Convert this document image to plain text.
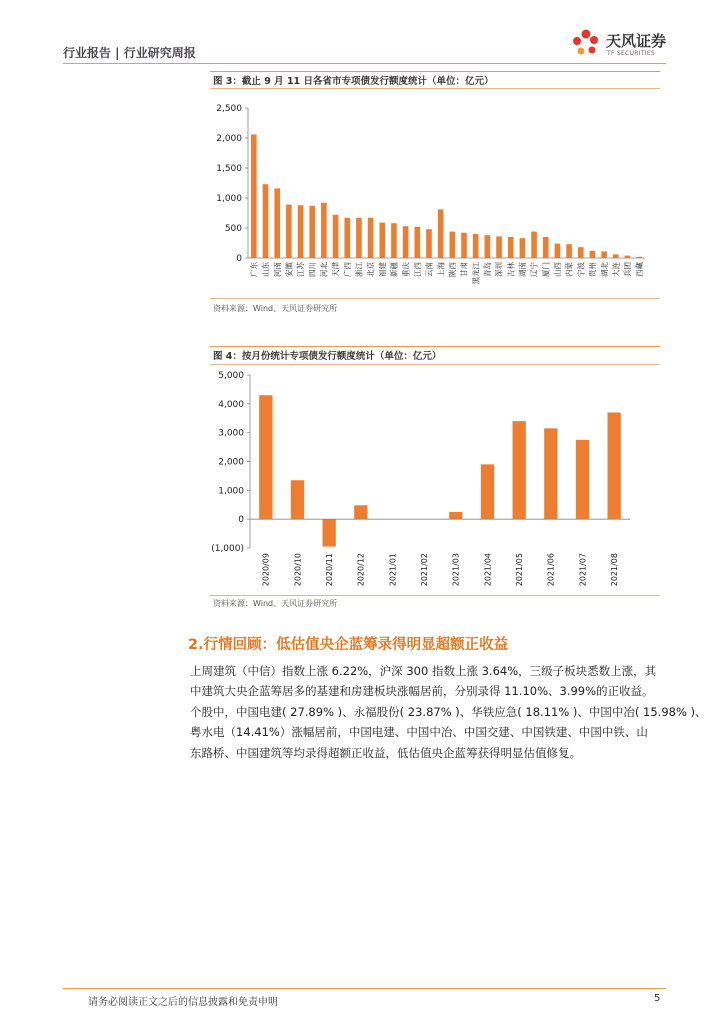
行业报告 | 行业研究周报
天风证券
TF SECURITIES
图 3：截止 9 月 11 日各省市专项债发行额度统计（单位：亿元）
0
500
1,000
1,500
2,000
2,500
广东 山东 河南 安徽 江苏 四川 河北 天津 广西 浙江 北京 福建 新疆 重庆 江西 云南 上海 陕西 甘肃 黑龙江 青岛 深圳 吉林 湖南 辽宁 厦门 山西 内蒙 宁波 贵州 湖北 大连 兵团 西藏
资料来源：Wind、天风证券研究所
图 4：按月份统计专项债发行额度统计（单位：亿元）
(1,000)
0
1,000
2,000
3,000
4,000
5,000
2020/09	2020/10	2020/11	2020/12	2021/01	2021/02	2021/03	2021/04	2021/05	2021/06	2021/07	2021/08
资料来源：Wind、天风证券研究所
2.行情回顾：低估值央企蓝筹录得明显超额正收益

上周建筑（中信）指数上涨 6.22%，沪深 300 指数上涨 3.64%，三级子板块悉数上涨，其

中建筑大央企蓝筹居多的基建和房建板块涨幅居前，分别录得 11.10%、3.99%的正收益。

个股中，中国电建( 27.89% )、永福股份( 23.87% )、华铁应急( 18.11% )、中国中冶( 15.98% )、

粤水电（14.41%）涨幅居前，中国电建、中国中冶、中国交建、中国铁建、中国中铁、山

东路桥、中国建筑等均录得超额正收益，低估值央企蓝筹获得明显估值修复。

请务必阅读正文之后的信息披露和免责申明	5
